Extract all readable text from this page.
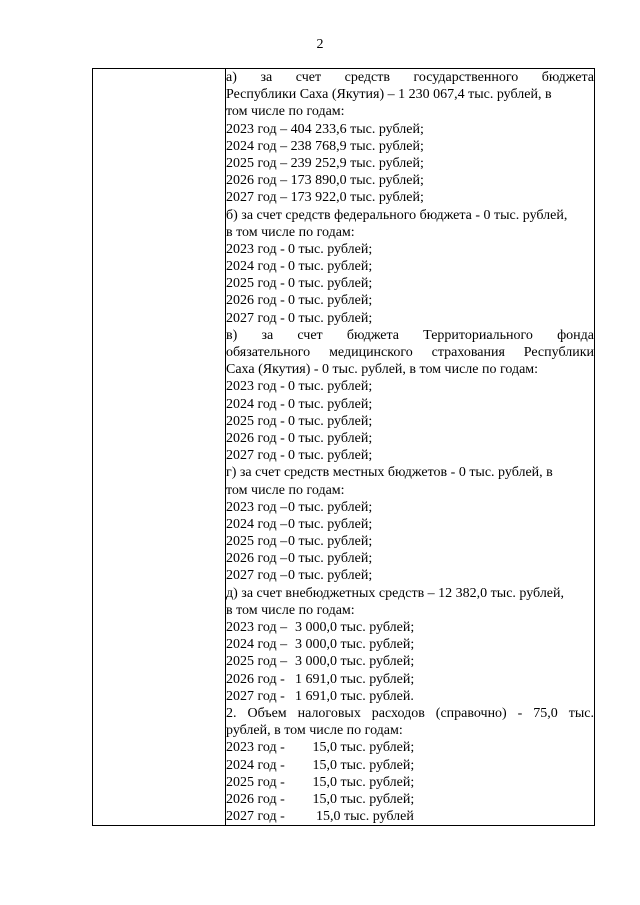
2

а) за счет средств государственного бюджета
Республики Саха (Якутия) – 1 230 067,4 тыс. рублей, в
том числе по годам:
2023 год –
404 233,6 тыс. рублей;
2024 год –
238 768,9 тыс. рублей;
2025 год –
239 252,9 тыс. рублей;
2026 год –
173 890,0 тыс. рублей;
2027 год –
173 922,0 тыс. рублей;
б) за счет средств федерального бюджета - 0 тыс. рублей,
в том числе по годам:
2023 год - 0 тыс. рублей;
2024 год - 0 тыс. рублей;
2025 год - 0 тыс. рублей;
2026 год - 0 тыс. рублей;
2027 год - 0 тыс. рублей;
в) за счет бюджета Территориального фонда
обязательного медицинского страхования Республики
Саха (Якутия) - 0 тыс. рублей, в том числе по годам:
2023 год - 0 тыс. рублей;
2024 год - 0 тыс. рублей;
2025 год - 0 тыс. рублей;
2026 год - 0 тыс. рублей;
2027 год - 0 тыс. рублей;
г) за счет средств местных бюджетов - 0 тыс. рублей, в
том числе по годам:
2023 год – 0 тыс. рублей;
2024 год – 0 тыс. рублей;
2025 год – 0 тыс. рублей;
2026 год – 0 тыс. рублей;
2027 год – 0 тыс. рублей;
д) за счет внебюджетных средств – 12 382,0 тыс. рублей,
в том числе по годам:
2023 год –
3 000,0 тыс. рублей;
2024 год –
3 000,0 тыс. рублей;
2025 год –
3 000,0 тыс. рублей;
2026 год -
1 691,0 тыс. рублей;
2027 год -
1 691,0 тыс. рублей.
2. Объем налоговых расходов (справочно) - 75,0 тыс.
рублей, в том числе по годам:
2023 год -
15,0 тыс. рублей;
2024 год -
15,0 тыс. рублей;
2025 год -
15,0 тыс. рублей;
2026 год -
15,0 тыс. рублей;
2027 год -
15,0 тыс. рублей
